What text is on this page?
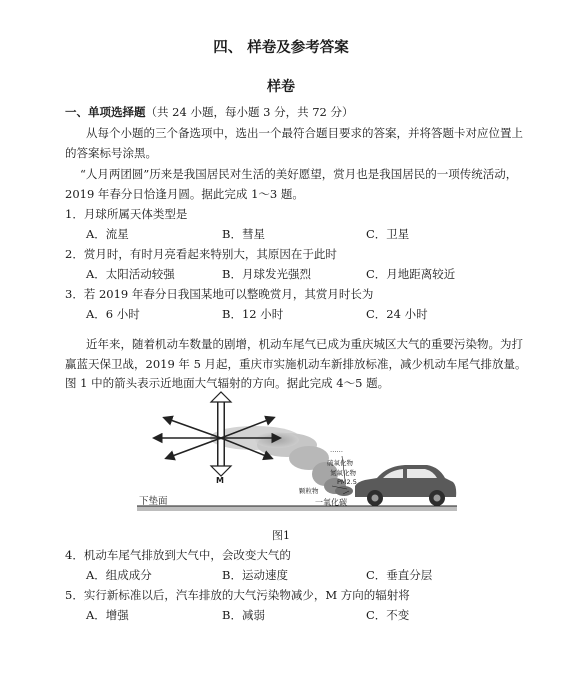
四、 样卷及参考答案
样卷
一、单项选择题（共 24 小题，每小题 3 分，共 72 分）
从每个小题的三个备选项中，选出一个最符合题目要求的答案，并将答题卡对应位置上
的答案标号涂黑。
“人月两团圆”历来是我国居民对生活的美好愿望，赏月也是我国居民的一项传统活动，
2019 年春分日恰逢月圆。据此完成 1～3 题。
1．月球所属天体类型是
A．流星	B．彗星	C．卫星
2．赏月时，有时月亮看起来特别大，其原因在于此时
A．太阳活动较强	B．月球发光强烈	C．月地距离较近
3．若 2019 年春分日我国某地可以整晚赏月，其赏月时长为
A．6 小时	B．12 小时	C．24 小时
近年来，随着机动车数量的剧增，机动车尾气已成为重庆城区大气的重要污染物。为打
赢蓝天保卫战，2019 年 5 月起，重庆市实施机动车新排放标准，减少机动车尾气排放量。
图 1 中的箭头表示近地面大气辐射的方向。据此完成 4～5 题。
M
……
硫氧化物
氮氧化物
PM2.5
颗粒物
一氧化碳
下垫面
图1
4．机动车尾气排放到大气中，会改变大气的
A．组成成分	B．运动速度	C．垂直分层
5．实行新标准以后，汽车排放的大气污染物减少，M 方向的辐射将
A．增强	B．减弱	C．不变
